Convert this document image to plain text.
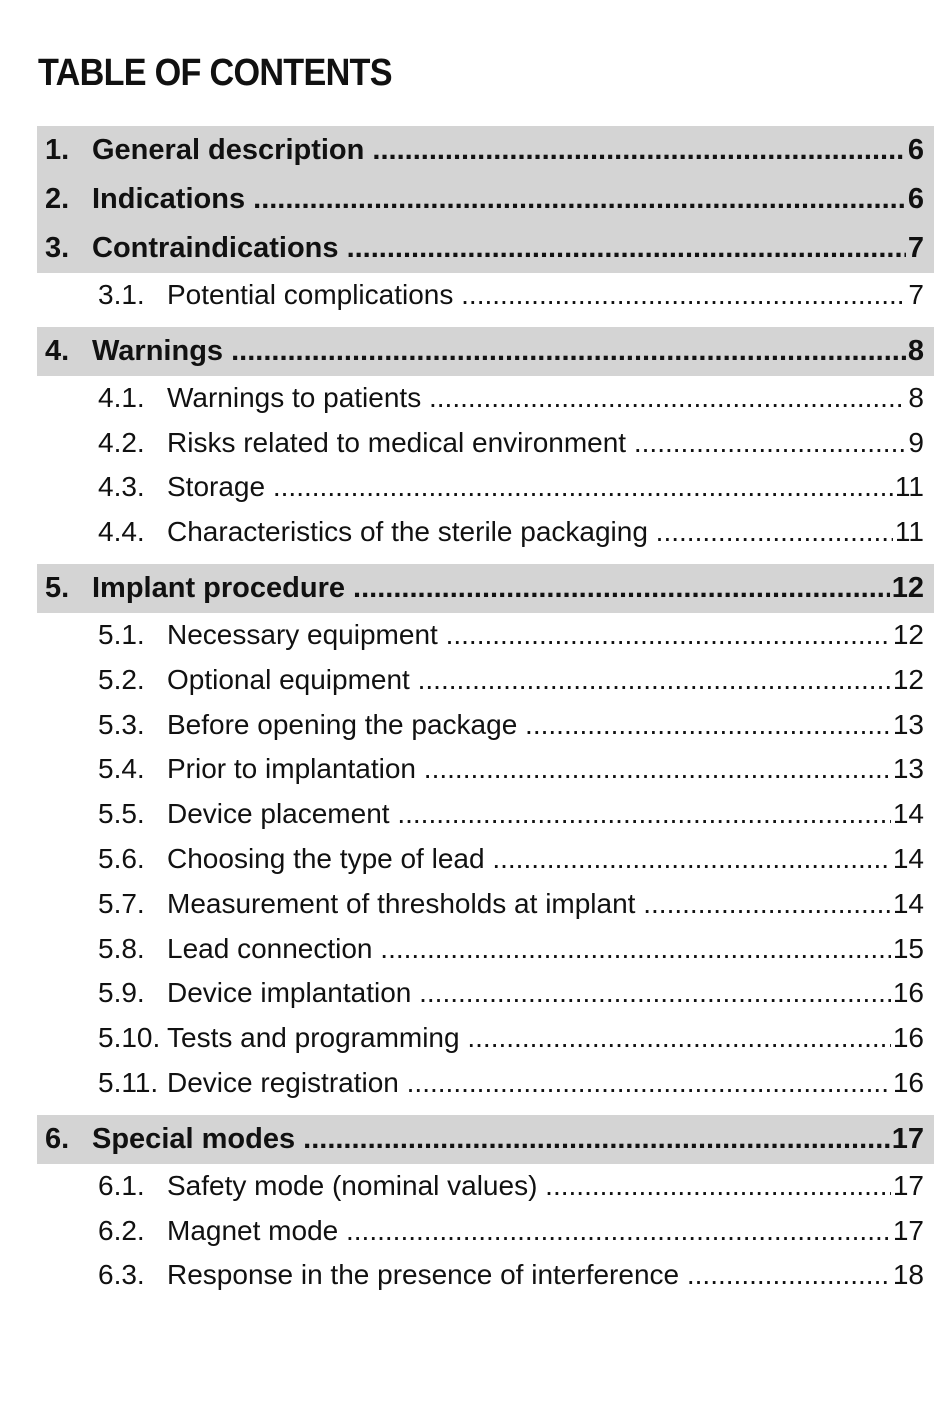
TABLE OF CONTENTS
1. General description .....	6
2. Indications .....	6
3. Contraindications .....	7
3.1. Potential complications .....	7
4. Warnings .....	8
4.1. Warnings to patients .....	8
4.2. Risks related to medical environment .....	9
4.3. Storage .....	11
4.4. Characteristics of the sterile packaging .....	11
5. Implant procedure .....	12
5.1. Necessary equipment .....	12
5.2. Optional equipment .....	12
5.3. Before opening the package .....	13
5.4. Prior to implantation .....	13
5.5. Device placement .....	14
5.6. Choosing the type of lead .....	14
5.7. Measurement of thresholds at implant .....	14
5.8. Lead connection .....	15
5.9. Device implantation .....	16
5.10. Tests and programming .....	16
5.11. Device registration .....	16
6. Special modes .....	17
6.1. Safety mode (nominal values) .....	17
6.2. Magnet mode .....	17
6.3. Response in the presence of interference .....	18
